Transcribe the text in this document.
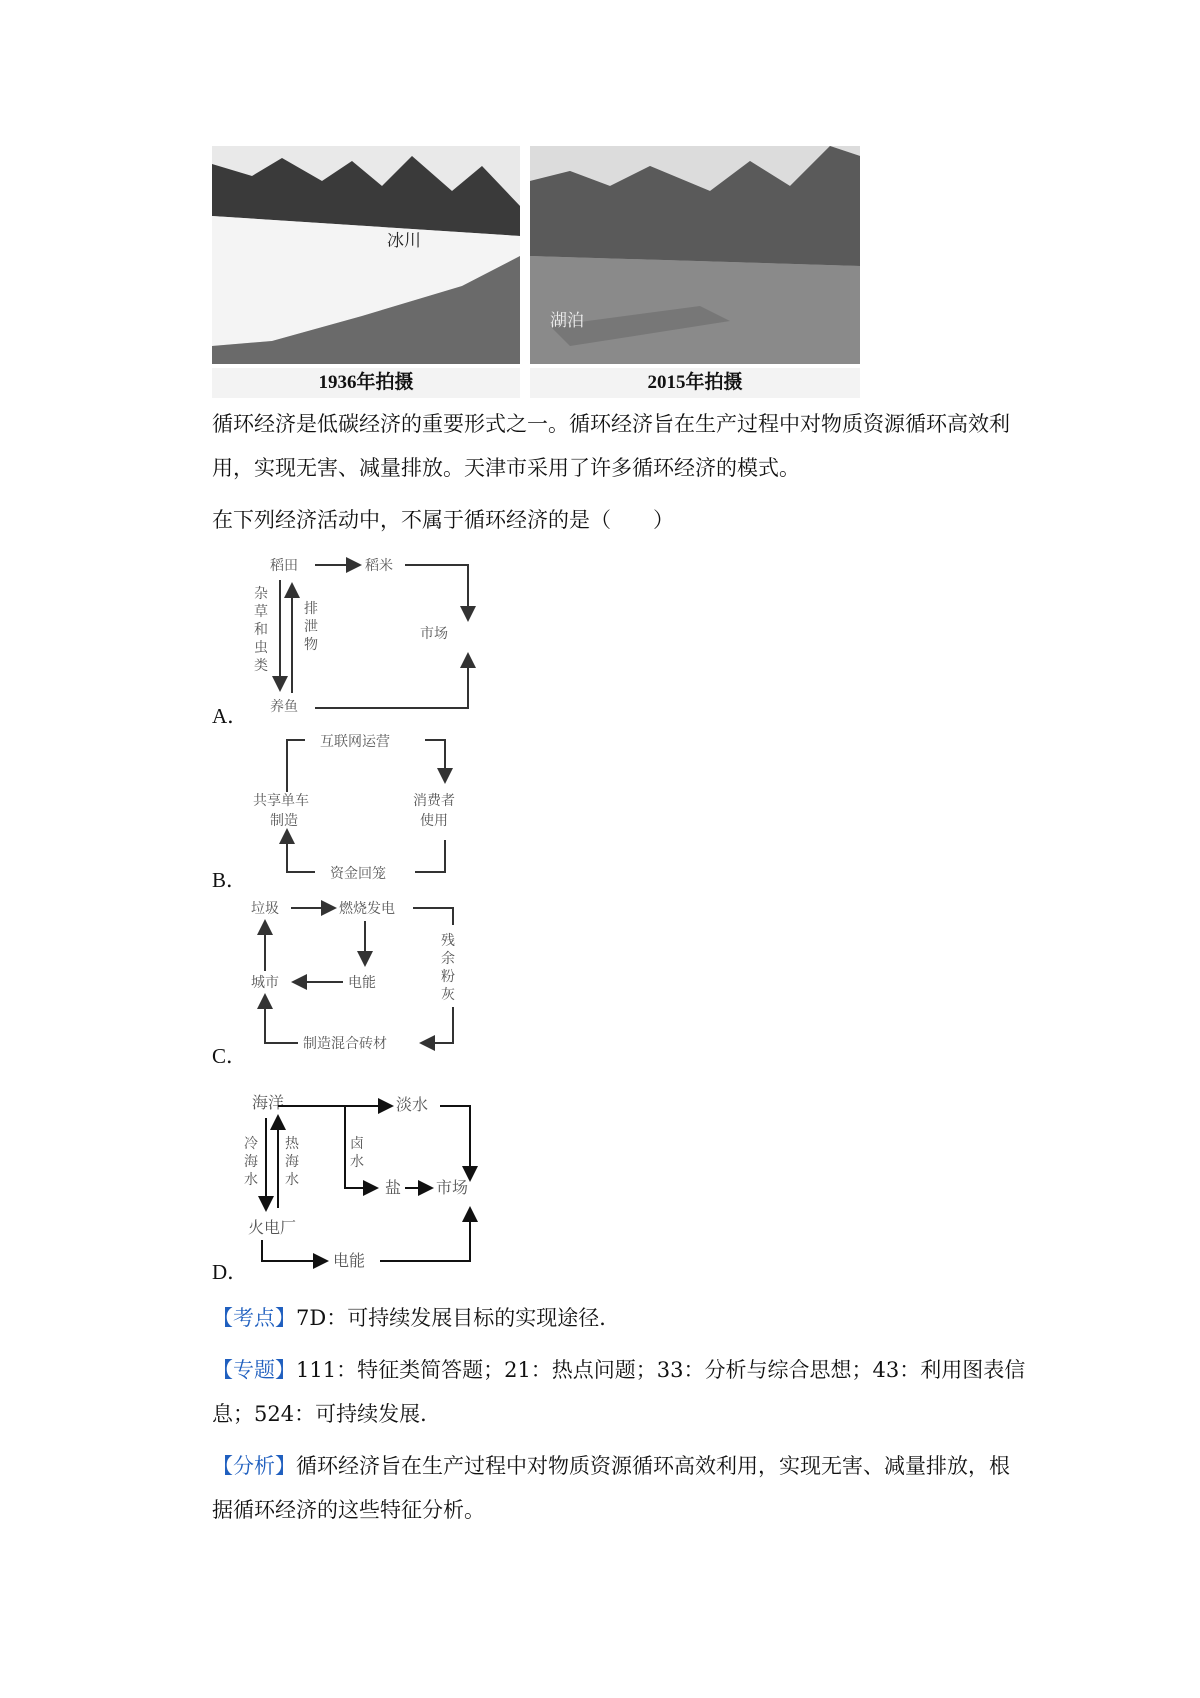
冰川
湖泊
1936年拍摄	2015年拍摄
循环经济是低碳经济的重要形式之一。循环经济旨在生产过程中对物质资源循环高效利用，实现无害、减量排放。天津市采用了许多循环经济的模式。
在下列经济活动中，不属于循环经济的是（　　）
稻田	稻米
市场
养鱼
杂草和虫类
排泄物
A．
互联网运营
共享单车
制造
消费者
使用
资金回笼
B．
垃圾	燃烧发电
电能
城市
残余粉灰
制造混合砖材
C．
海洋	淡水
盐 市场
冷海水
热海水
卤水
火电厂
电能
D．
【考点】7D：可持续发展目标的实现途径．
【专题】111：特征类简答题；21：热点问题；33：分析与综合思想；43：利用图表信息；524：可持续发展．
【分析】循环经济旨在生产过程中对物质资源循环高效利用，实现无害、减量排放，根据循环经济的这些特征分析。
